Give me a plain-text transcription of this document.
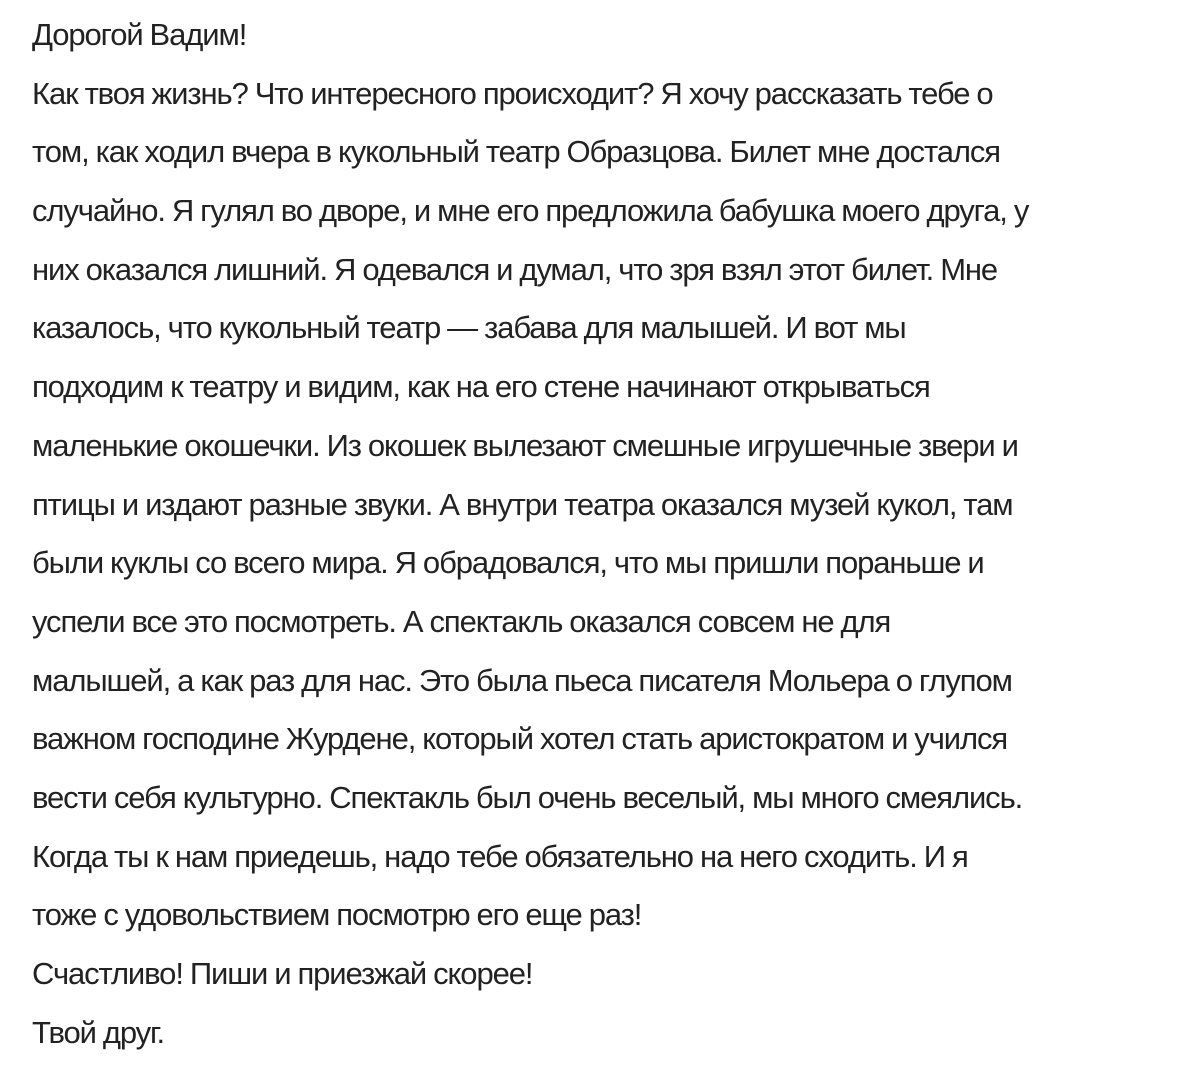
Дорогой Вадим!
Как твоя жизнь? Что интересного происходит? Я хочу рассказать тебе о
том, как ходил вчера в кукольный театр Образцова. Билет мне достался
случайно. Я гулял во дворе, и мне его предложила бабушка моего друга, у
них оказался лишний. Я одевался и думал, что зря взял этот билет. Мне
казалось, что кукольный театр — забава для малышей. И вот мы
подходим к театру и видим, как на его стене начинают открываться
маленькие окошечки. Из окошек вылезают смешные игрушечные звери и
птицы и издают разные звуки. А внутри театра оказался музей кукол, там
были куклы со всего мира. Я обрадовался, что мы пришли пораньше и
успели все это посмотреть. А спектакль оказался совсем не для
малышей, а как раз для нас. Это была пьеса писателя Мольера о глупом
важном господине Журдене, который хотел стать аристократом и учился
вести себя культурно. Спектакль был очень веселый, мы много смеялись.
Когда ты к нам приедешь, надо тебе обязательно на него сходить. И я
тоже с удовольствием посмотрю его еще раз!
Счастливо! Пиши и приезжай скорее!
Твой друг.
